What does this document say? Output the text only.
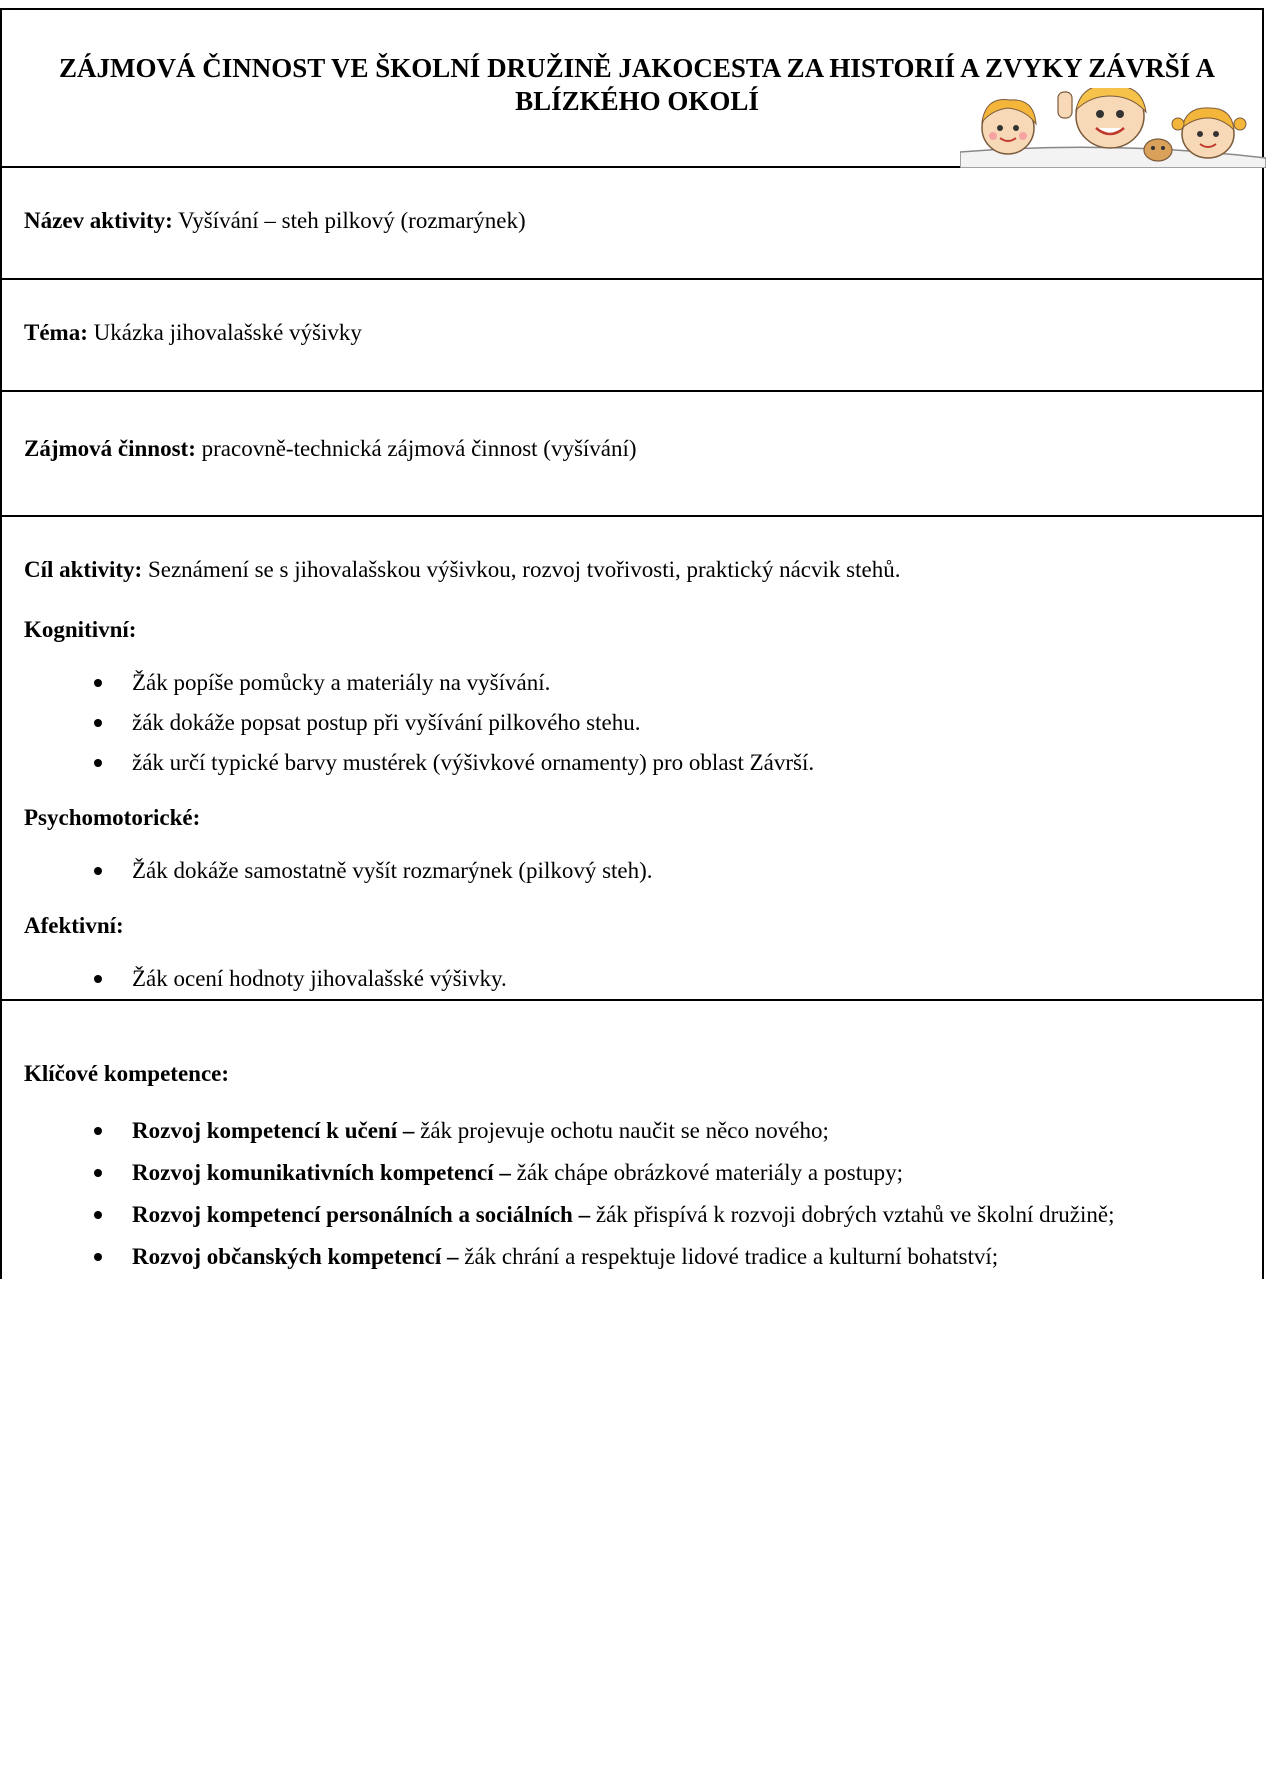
ZÁJMOVÁ ČINNOST VE ŠKOLNÍ DRUŽINĚ JAKOCESTA ZA HISTORIÍ A ZVYKY ZÁVRŠÍ A BLÍZKÉHO OKOLÍ
Název aktivity: Vyšívání – steh pilkový (rozmarýnek)
Téma: Ukázka jihovalašské výšivky
Zájmová činnost: pracovně-technická zájmová činnost (vyšívání)

Cíl aktivity: Seznámení se s jihovalašskou výšivkou, rozvoj tvořivosti, praktický nácvik stehů.

Kognitivní:
Žák popíše pomůcky a materiály na vyšívání.
žák dokáže popsat postup při vyšívání pilkového stehu.
žák určí typické barvy mustérek (výšivkové ornamenty) pro oblast Závrší.
Psychomotorické:
Žák dokáže samostatně vyšít rozmarýnek (pilkový steh).
Afektivní:
Žák ocení hodnoty jihovalašské výšivky.
Klíčové kompetence:
Rozvoj kompetencí k učení – žák projevuje ochotu naučit se něco nového;
Rozvoj komunikativních kompetencí – žák chápe obrázkové materiály a postupy;
Rozvoj kompetencí personálních a sociálních – žák přispívá k rozvoji dobrých vztahů ve školní družině;
Rozvoj občanských kompetencí – žák chrání a respektuje lidové tradice a kulturní bohatství;
